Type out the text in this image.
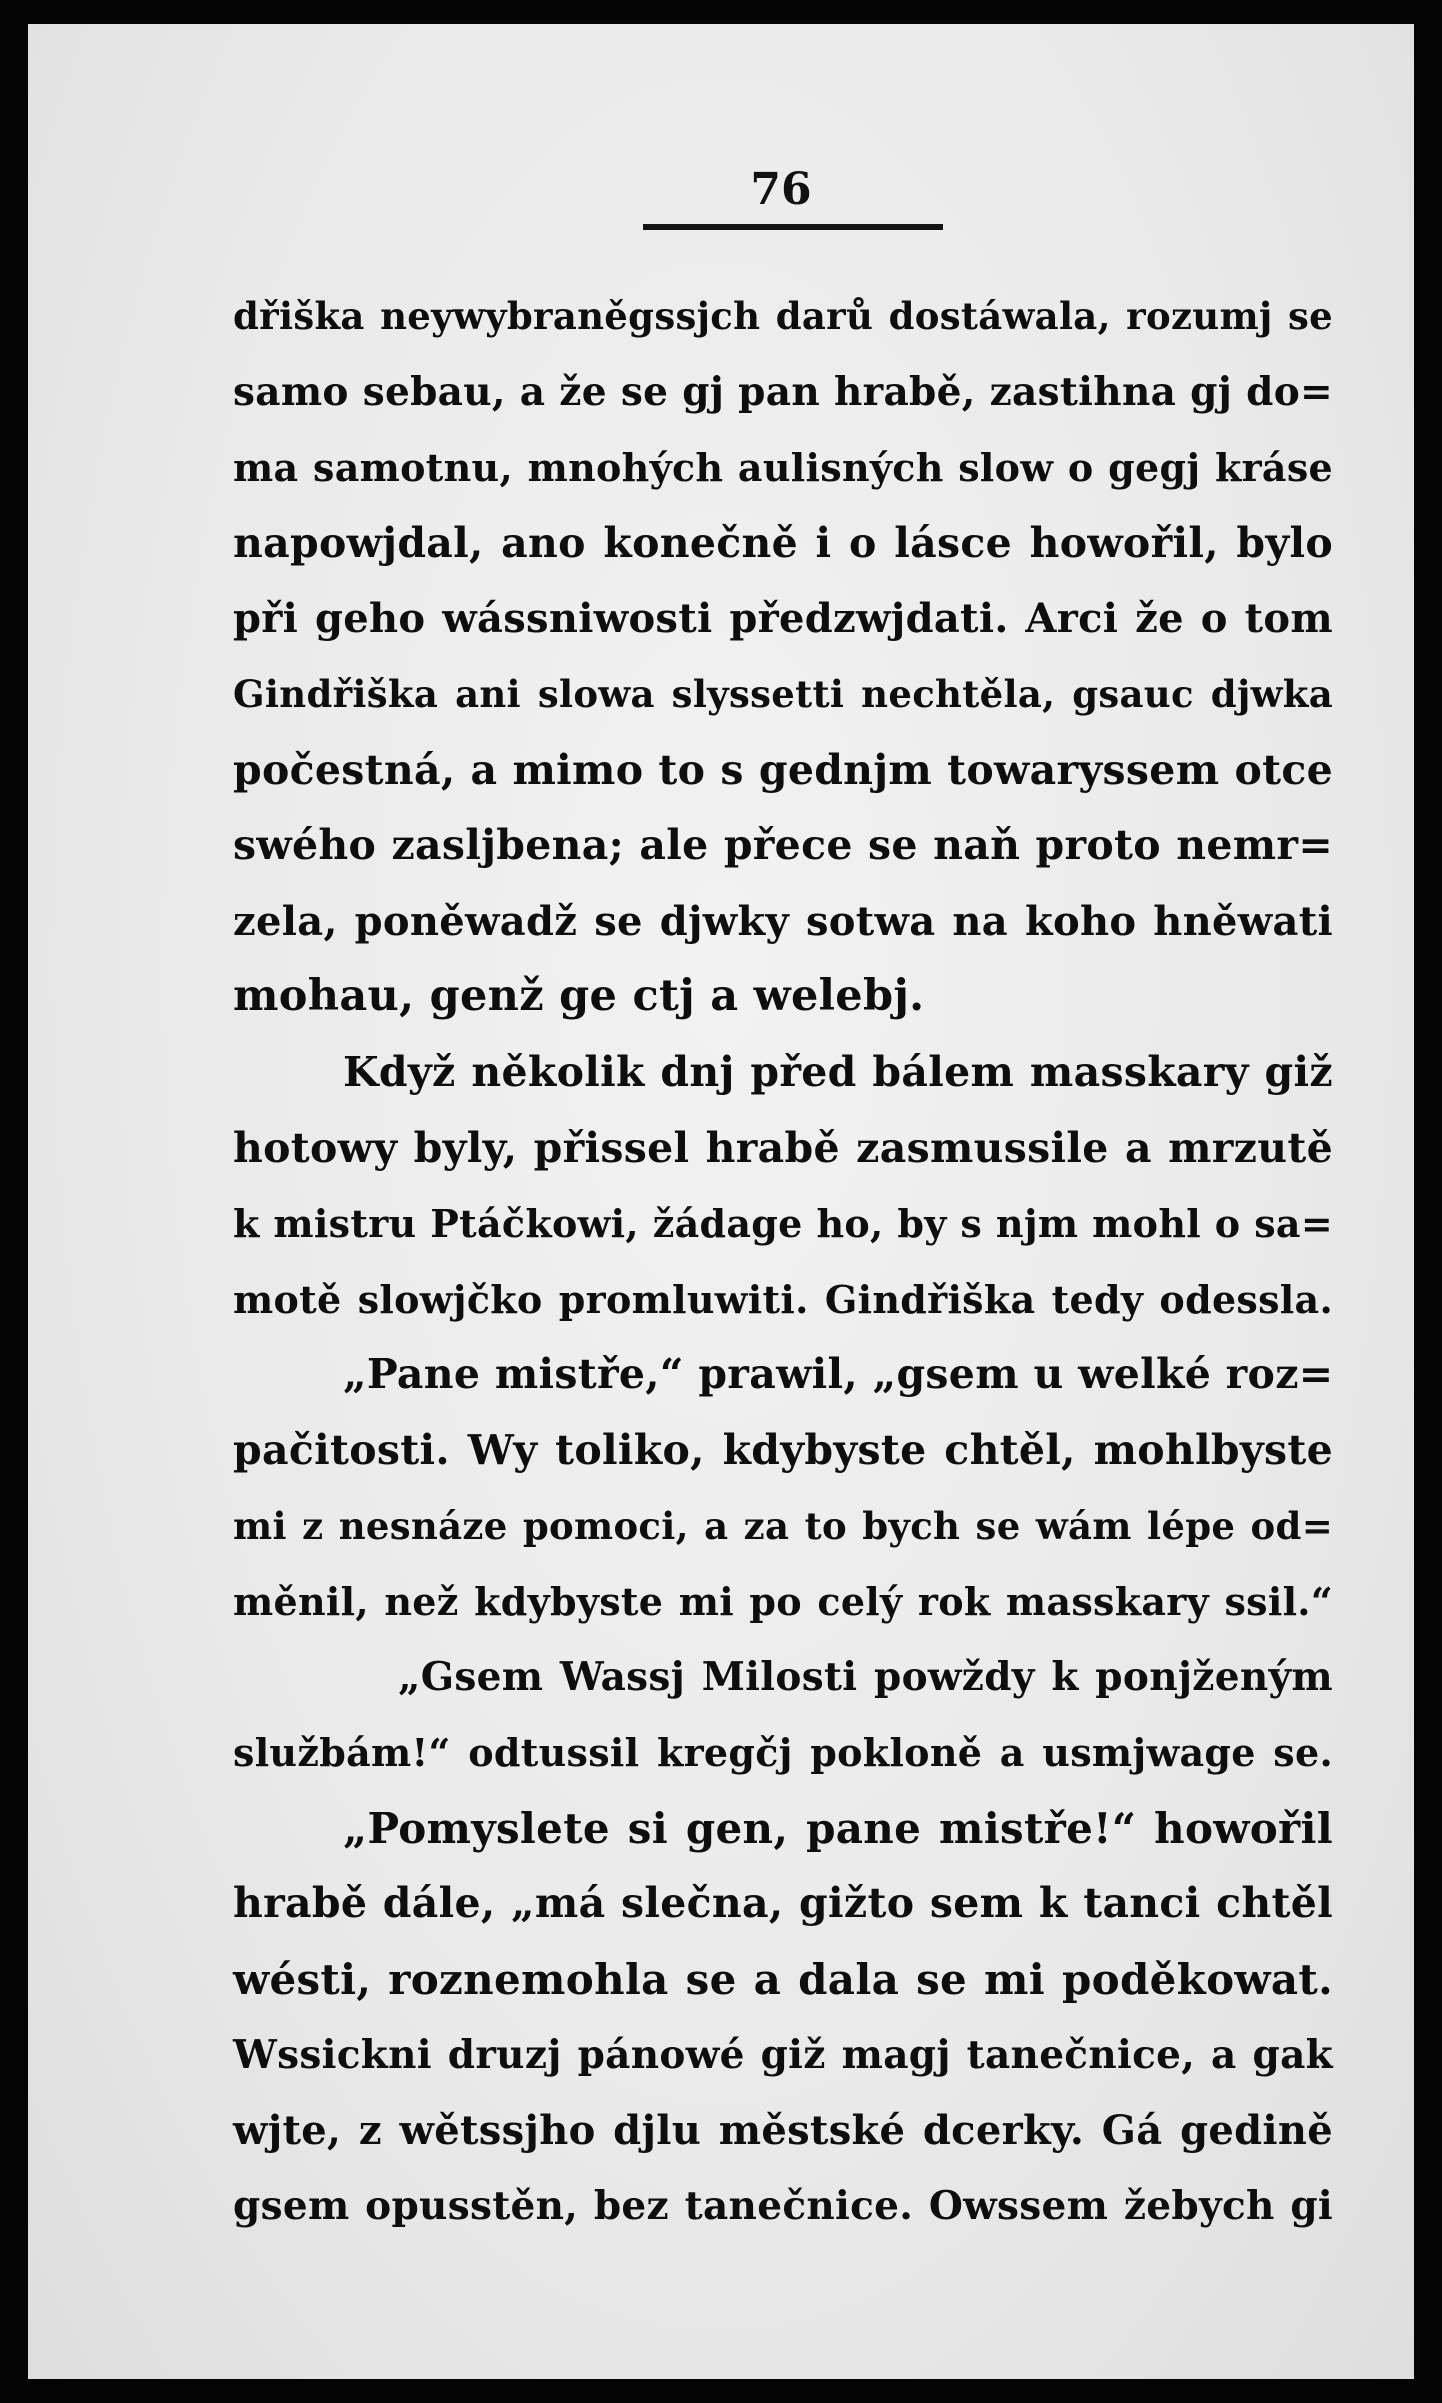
76
dřiška neywybraněgssjch darů dostáwala, rozumj se
samo sebau, a že se gj pan hrabě, zastihna gj do=
ma samotnu, mnohých aulisných slow o gegj kráse
napowjdal, ano konečně i o lásce howořil, bylo
při geho wássniwosti předzwjdati. Arci že o tom
Gindřiška ani slowa slyssetti nechtěla, gsauc djwka
počestná, a mimo to s gednjm towaryssem otce
swého zasljbena; ale přece se naň proto nemr=
zela, poněwadž se djwky sotwa na koho hněwati
mohau, genž ge ctj a welebj.
Když několik dnj před bálem masskary giž
hotowy byly, přissel hrabě zasmussile a mrzutě
k mistru Ptáčkowi, žádage ho, by s njm mohl o sa=
motě slowjčko promluwiti. Gindřiška tedy odessla.
„Pane mistře,“ prawil, „gsem u welké roz=
pačitosti. Wy toliko, kdybyste chtěl, mohlbyste
mi z nesnáze pomoci, a za to bych se wám lépe od=
měnil, než kdybyste mi po celý rok masskary ssil.“
„Gsem Wassj Milosti powždy k ponjženým
službám!“ odtussil kregčj pokloně a usmjwage se.
„Pomyslete si gen, pane mistře!“ howořil
hrabě dále, „má slečna, gižto sem k tanci chtěl
wésti, roznemohla se a dala se mi poděkowat.
Wssickni druzj pánowé giž magj tanečnice, a gak
wjte, z wětssjho djlu městské dcerky. Gá gedině
gsem opusstěn, bez tanečnice. Owssem žebych gi
